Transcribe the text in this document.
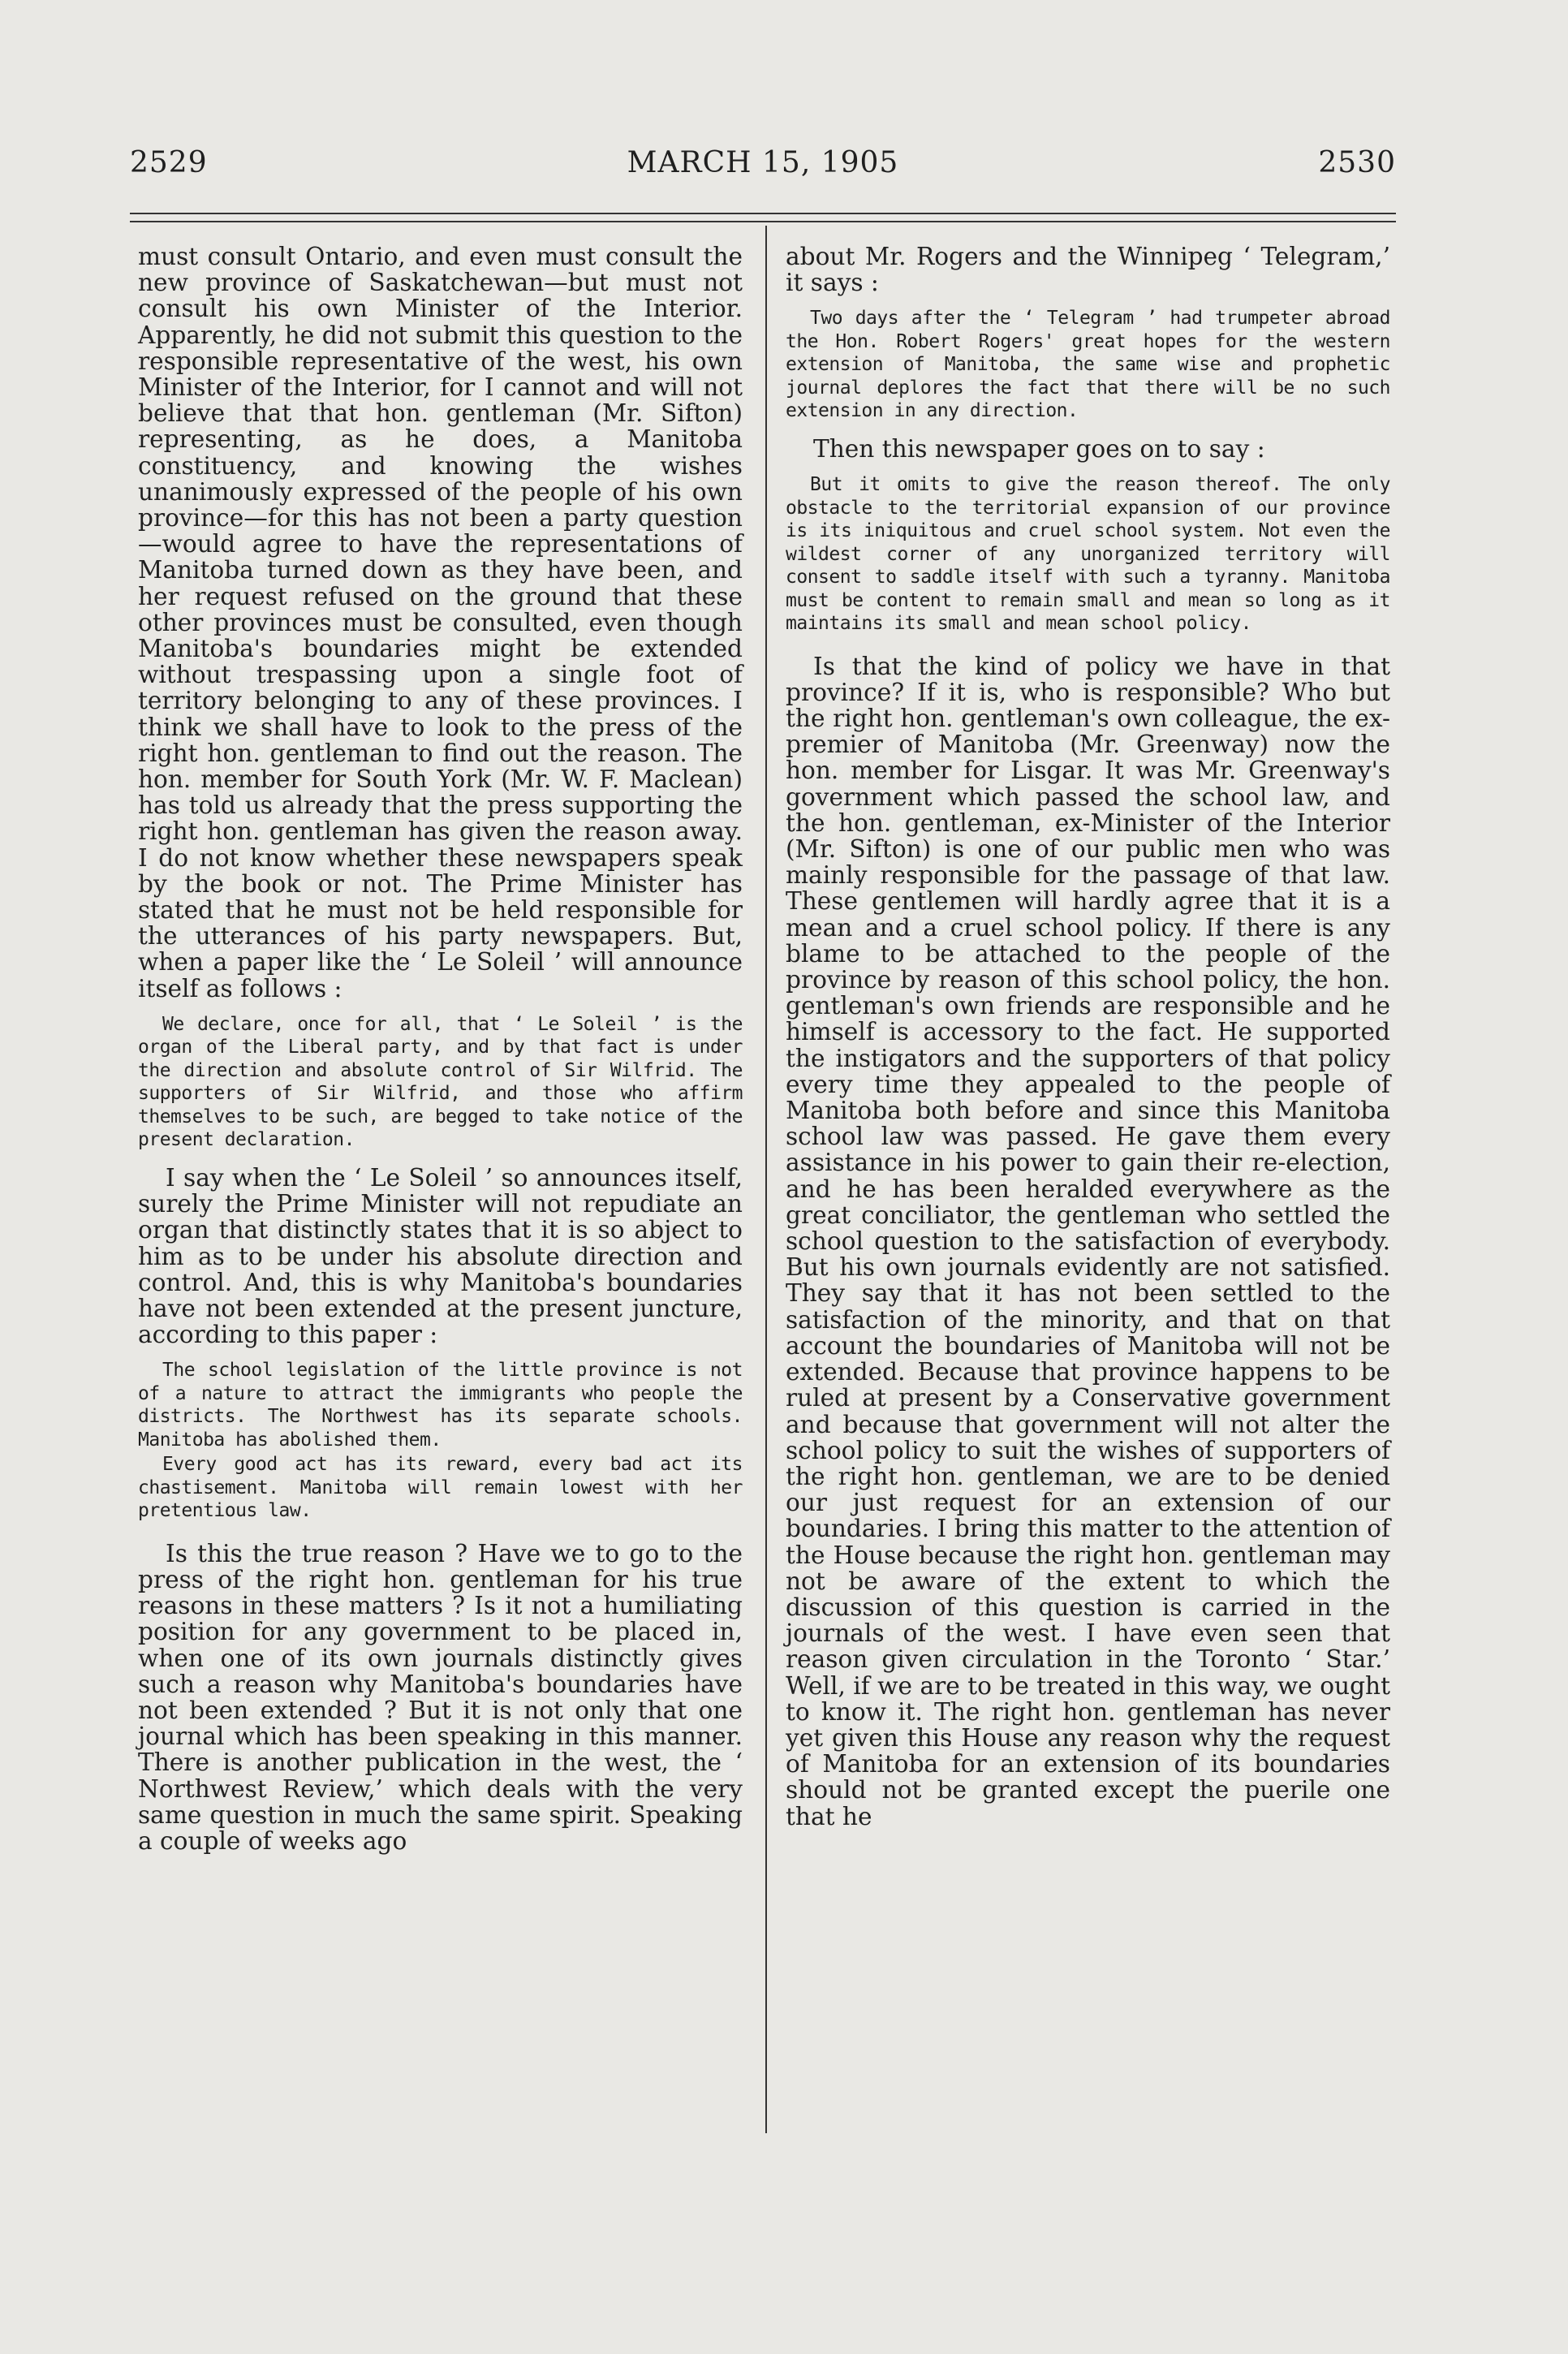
2529	MARCH 15, 1905	2530

must consult Ontario, and even must consult the new province of Saskatchewan—but must not consult his own Minister of the Interior. Apparently, he did not submit this question to the responsible representative of the west, his own Minister of the Interior, for I cannot and will not believe that that hon. gentleman (Mr. Sifton) representing, as he does, a Manitoba constituency, and knowing the wishes unanimously expressed of the people of his own province—for this has not been a party question—would agree to have the representations of Manitoba turned down as they have been, and her request refused on the ground that these other provinces must be consulted, even though Manitoba's boundaries might be extended without trespassing upon a single foot of territory belonging to any of these provinces. I think we shall have to look to the press of the right hon. gentleman to find out the reason. The hon. member for South York (Mr. W. F. Maclean) has told us already that the press supporting the right hon. gentleman has given the reason away. I do not know whether these newspapers speak by the book or not. The Prime Minister has stated that he must not be held responsible for the utterances of his party newspapers. But, when a paper like the ‘ Le Soleil ’ will announce itself as follows :

We declare, once for all, that ‘ Le Soleil ’ is the organ of the Liberal party, and by that fact is under the direction and absolute control of Sir Wilfrid. The supporters of Sir Wilfrid, and those who affirm themselves to be such, are begged to take notice of the present declaration.

I say when the ‘ Le Soleil ’ so announces itself, surely the Prime Minister will not repudiate an organ that distinctly states that it is so abject to him as to be under his absolute direction and control. And, this is why Manitoba's boundaries have not been extended at the present juncture, according to this paper :

The school legislation of the little province is not of a nature to attract the immigrants who people the districts. The Northwest has its separate schools. Manitoba has abolished them.

Every good act has its reward, every bad act its chastisement. Manitoba will remain lowest with her pretentious law.

Is this the true reason ? Have we to go to the press of the right hon. gentleman for his true reasons in these matters ? Is it not a humiliating position for any government to be placed in, when one of its own journals distinctly gives such a reason why Manitoba's boundaries have not been extended ? But it is not only that one journal which has been speaking in this manner. There is another publication in the west, the ‘ Northwest Review,’ which deals with the very same question in much the same spirit. Speaking a couple of weeks ago

about Mr. Rogers and the Winnipeg ‘ Telegram,’ it says :

Two days after the ‘ Telegram ’ had trumpeter abroad the Hon. Robert Rogers' great hopes for the western extension of Manitoba, the same wise and prophetic journal deplores the fact that there will be no such extension in any direction.

Then this newspaper goes on to say :

But it omits to give the reason thereof. The only obstacle to the territorial expansion of our province is its iniquitous and cruel school system. Not even the wildest corner of any unorganized territory will consent to saddle itself with such a tyranny. Manitoba must be content to remain small and mean so long as it maintains its small and mean school policy.

Is that the kind of policy we have in that province? If it is, who is responsible? Who but the right hon. gentleman's own colleague, the ex-premier of Manitoba (Mr. Greenway) now the hon. member for Lisgar. It was Mr. Greenway's government which passed the school law, and the hon. gentleman, ex-Minister of the Interior (Mr. Sifton) is one of our public men who was mainly responsible for the passage of that law. These gentlemen will hardly agree that it is a mean and a cruel school policy. If there is any blame to be attached to the people of the province by reason of this school policy, the hon. gentleman's own friends are responsible and he himself is accessory to the fact. He supported the instigators and the supporters of that policy every time they appealed to the people of Manitoba both before and since this Manitoba school law was passed. He gave them every assistance in his power to gain their re-election, and he has been heralded everywhere as the great conciliator, the gentleman who settled the school question to the satisfaction of everybody. But his own journals evidently are not satisfied. They say that it has not been settled to the satisfaction of the minority, and that on that account the boundaries of Manitoba will not be extended. Because that province happens to be ruled at present by a Conservative government and because that government will not alter the school policy to suit the wishes of supporters of the right hon. gentleman, we are to be denied our just request for an extension of our boundaries. I bring this matter to the attention of the House because the right hon. gentleman may not be aware of the extent to which the discussion of this question is carried in the journals of the west. I have even seen that reason given circulation in the Toronto ‘ Star.’ Well, if we are to be treated in this way, we ought to know it. The right hon. gentleman has never yet given this House any reason why the request of Manitoba for an extension of its boundaries should not be granted except the puerile one that he
